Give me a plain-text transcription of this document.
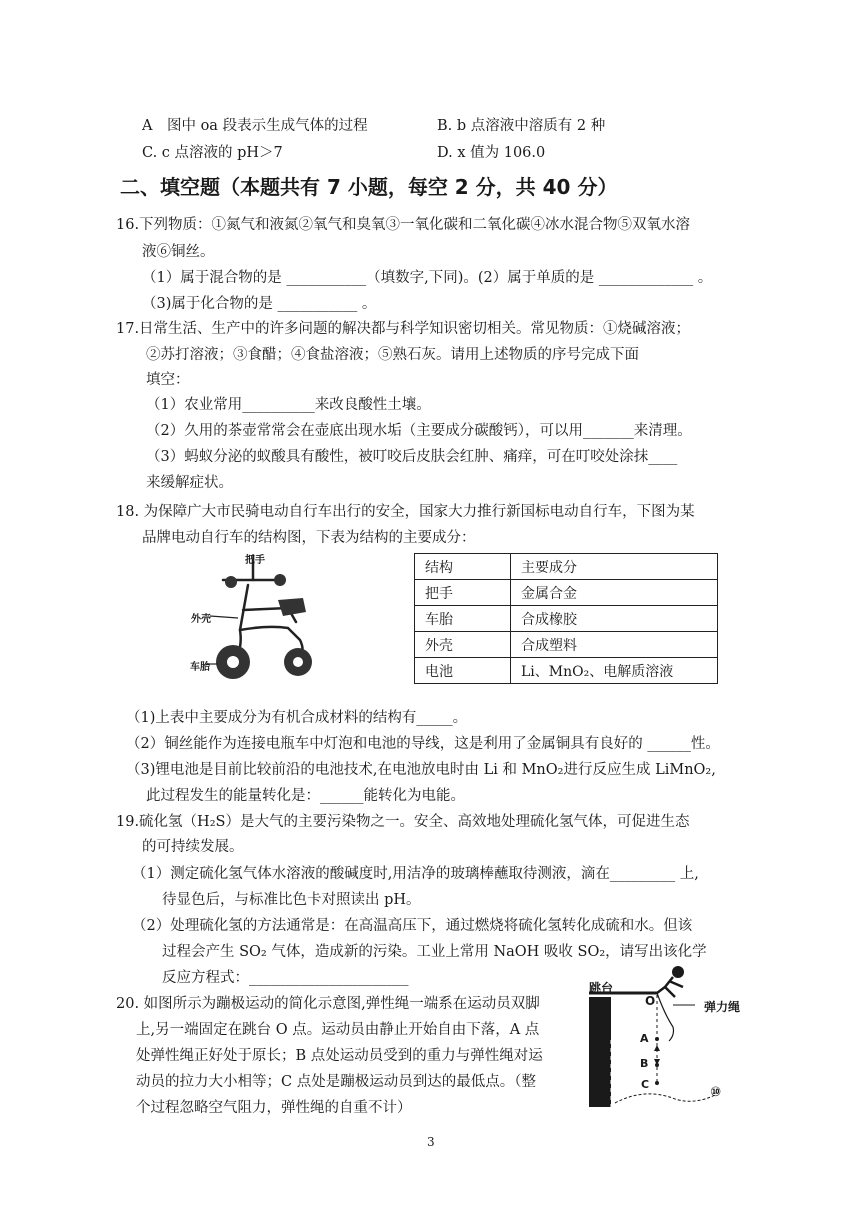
A　图中 oa 段表示生成气体的过程	B. b 点溶液中溶质有 2 种
C. c 点溶液的 pH＞7	D. x 值为 106.0
二、填空题（本题共有 7 小题，每空 2 分，共 40 分）
16.下列物质：①氮气和液氮②氧气和臭氧③一氧化碳和二氧化碳④冰水混合物⑤双氧水溶
液⑥铜丝。
（1）属于混合物的是 ___________（填数字,下同)。(2）属于单质的是 _____________ 。
（3)属于化合物的是 ___________ 。
17.日常生活、生产中的许多问题的解决都与科学知识密切相关。常见物质：①烧碱溶液；
②苏打溶液；③食醋；④食盐溶液；⑤熟石灰。请用上述物质的序号完成下面
填空：
（1）农业常用__________来改良酸性土壤。
（2）久用的茶壶常常会在壶底出现水垢（主要成分碳酸钙），可以用_______来清理。
（3）蚂蚁分泌的蚁酸具有酸性，被叮咬后皮肤会红肿、痛痒，可在叮咬处涂抹____
来缓解症状。
18. 为保障广大市民骑电动自行车出行的安全，国家大力推行新国标电动自行车，下图为某
品牌电动自行车的结构图，下表为结构的主要成分：
把手
外壳
车胎
结构	主要成分
把手	金属合金
车胎	合成橡胶
外壳	合成塑料
电池	Li、MnO₂、电解质溶液
（1)上表中主要成分为有机合成材料的结构有_____。
（2）铜丝能作为连接电瓶车中灯泡和电池的导线，这是利用了金属铜具有良好的 ______性。
（3)锂电池是目前比较前沿的电池技术,在电池放电时由 Li 和 MnO₂进行反应生成 LiMnO₂,
此过程发生的能量转化是：______能转化为电能。
19.硫化氢（H₂S）是大气的主要污染物之一。安全、高效地处理硫化氢气体，可促进生态
的可持续发展。
（1）测定硫化氢气体水溶液的酸碱度时,用洁净的玻璃棒蘸取待测液，滴在_________ 上,
待显色后，与标准比色卡对照读出 pH。
（2）处理硫化氢的方法通常是：在高温高压下，通过燃烧将硫化氢转化成硫和水。但该
过程会产生 SO₂ 气体，造成新的污染。工业上常用 NaOH 吸收 SO₂，请写出该化学
反应方程式：______________________
20. 如图所示为蹦极运动的简化示意图,弹性绳一端系在运动员双脚
上,另一端固定在跳台 O 点。运动员由静止开始自由下落，A 点
处弹性绳正好处于原长；B 点处运动员受到的重力与弹性绳对运
动员的拉力大小相等；C 点处是蹦极运动员到达的最低点。（整
个过程忽略空气阻力，弹性绳的自重不计）
跳台
弹力绳
O
A
B
C
⑩
3
